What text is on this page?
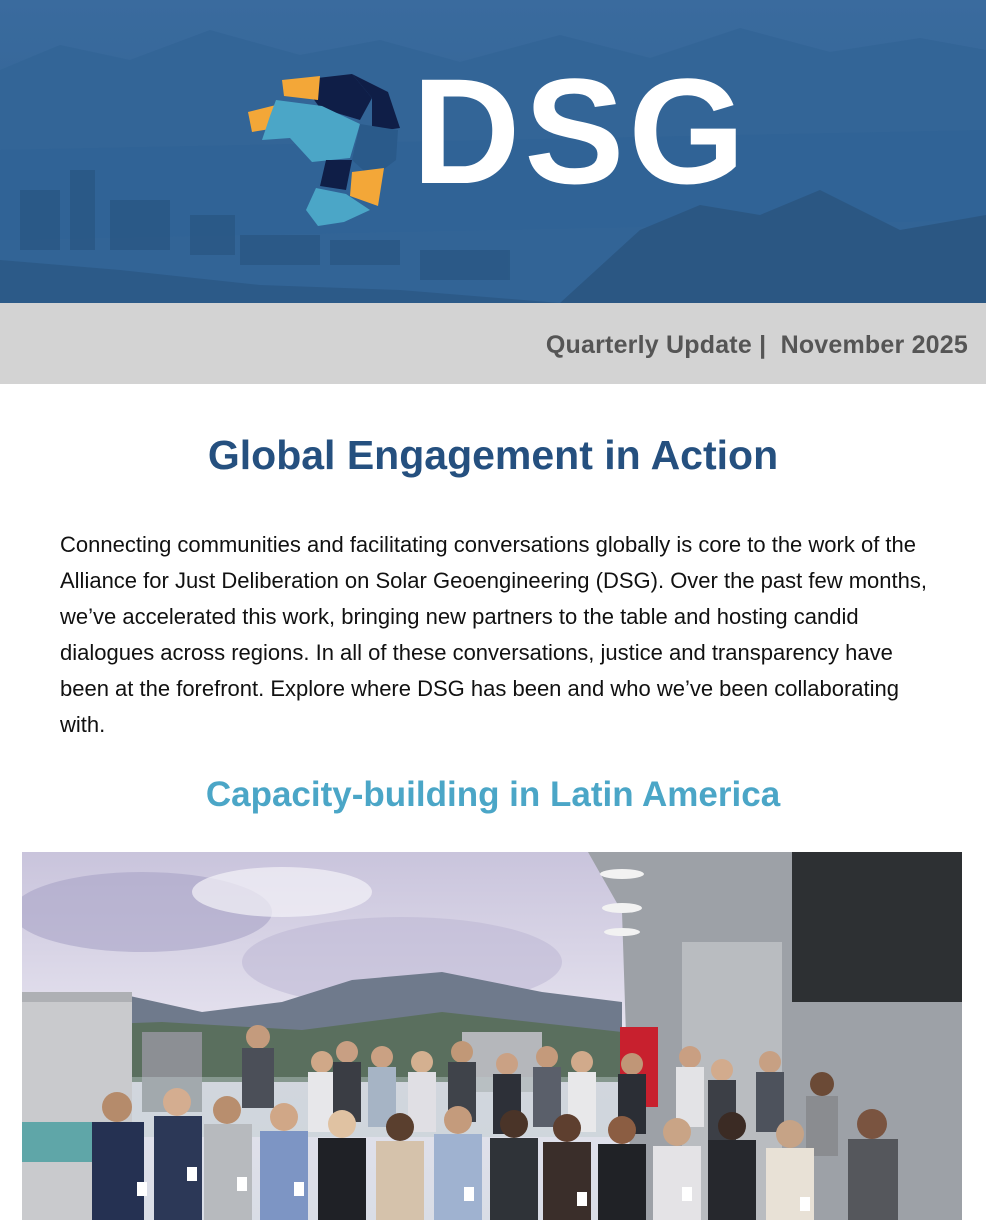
DSG
Quarterly Update |  November 2025
Global Engagement in Action

Connecting communities and facilitating conversations globally is core to the work of the Alliance for Just Deliberation on Solar Geoengineering (DSG). Over the past few months, we’ve accelerated this work, bringing new partners to the table and hosting candid dialogues across regions. In all of these conversations, justice and transparency have been at the forefront. Explore where DSG has been and who we’ve been collaborating with.

Capacity-building in Latin America
